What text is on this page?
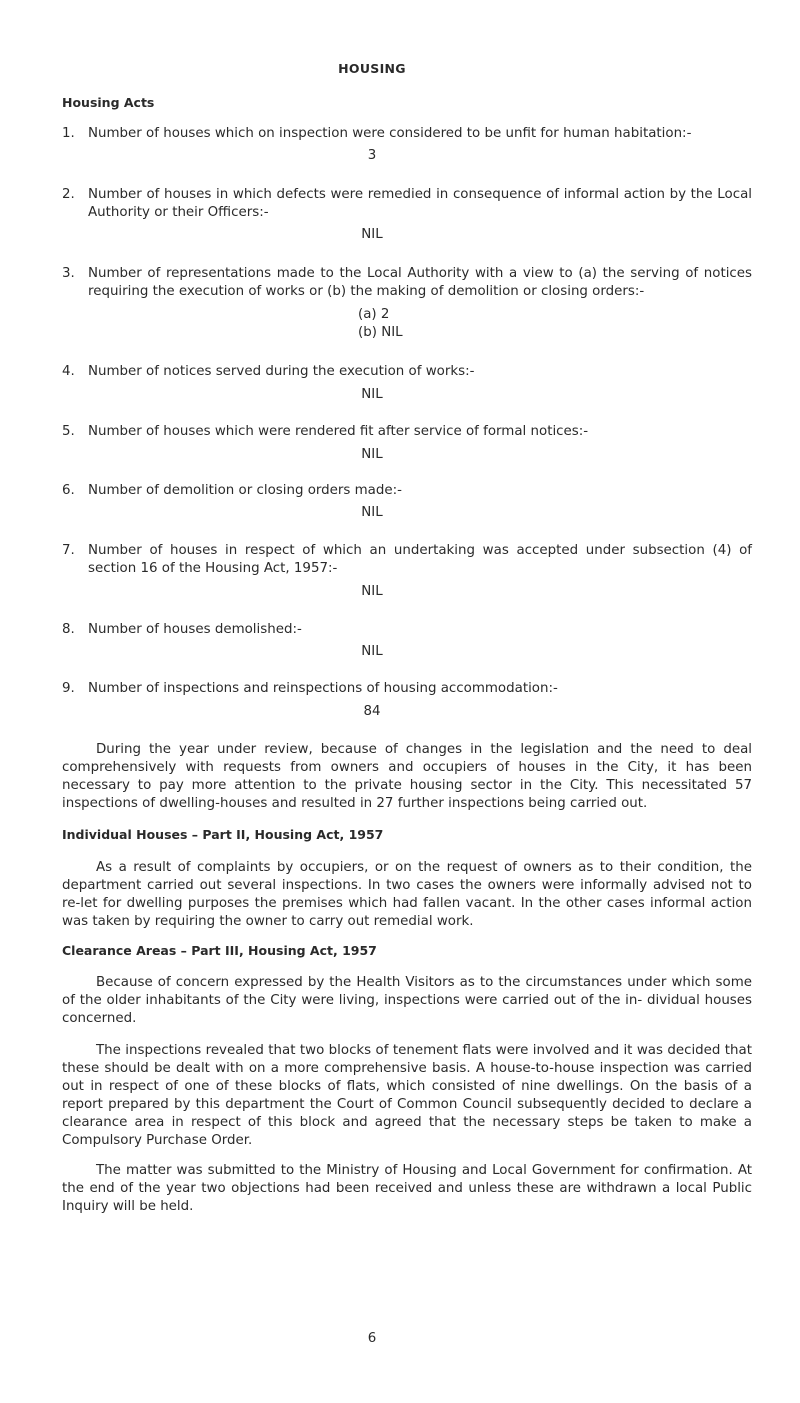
HOUSING
Housing Acts
1. Number of houses which on inspection were considered to be unfit for human habitation:-
3
2. Number of houses in which defects were remedied in consequence of informal action by the Local Authority or their Officers:-
NIL
3. Number of representations made to the Local Authority with a view to (a) the serving of notices requiring the execution of works or (b) the making of demolition or closing orders:-
(a) 2
(b) NIL
4. Number of notices served during the execution of works:-
NIL
5. Number of houses which were rendered fit after service of formal notices:-
NIL
6. Number of demolition or closing orders made:-
NIL
7. Number of houses in respect of which an undertaking was accepted under subsection (4) of section 16 of the Housing Act, 1957:-
NIL
8. Number of houses demolished:-
NIL
9. Number of inspections and reinspections of housing accommodation:-
84
During the year under review, because of changes in the legislation and the need to deal comprehensively with requests from owners and occupiers of houses in the City, it has been necessary to pay more attention to the private housing sector in the City. This necessitated 57 inspections of dwelling-houses and resulted in 27 further inspections being carried out.
Individual Houses – Part II, Housing Act, 1957
As a result of complaints by occupiers, or on the request of owners as to their condition, the department carried out several inspections. In two cases the owners were informally advised not to re-let for dwelling purposes the premises which had fallen vacant. In the other cases informal action was taken by requiring the owner to carry out remedial work.
Clearance Areas – Part III, Housing Act, 1957
Because of concern expressed by the Health Visitors as to the circumstances under which some of the older inhabitants of the City were living, inspections were carried out of the in- dividual houses concerned.
The inspections revealed that two blocks of tenement flats were involved and it was decided that these should be dealt with on a more comprehensive basis. A house-to-house inspection was carried out in respect of one of these blocks of flats, which consisted of nine dwellings. On the basis of a report prepared by this department the Court of Common Council subsequently decided to declare a clearance area in respect of this block and agreed that the necessary steps be taken to make a Compulsory Purchase Order.
The matter was submitted to the Ministry of Housing and Local Government for confirmation. At the end of the year two objections had been received and unless these are withdrawn a local Public Inquiry will be held.
6
